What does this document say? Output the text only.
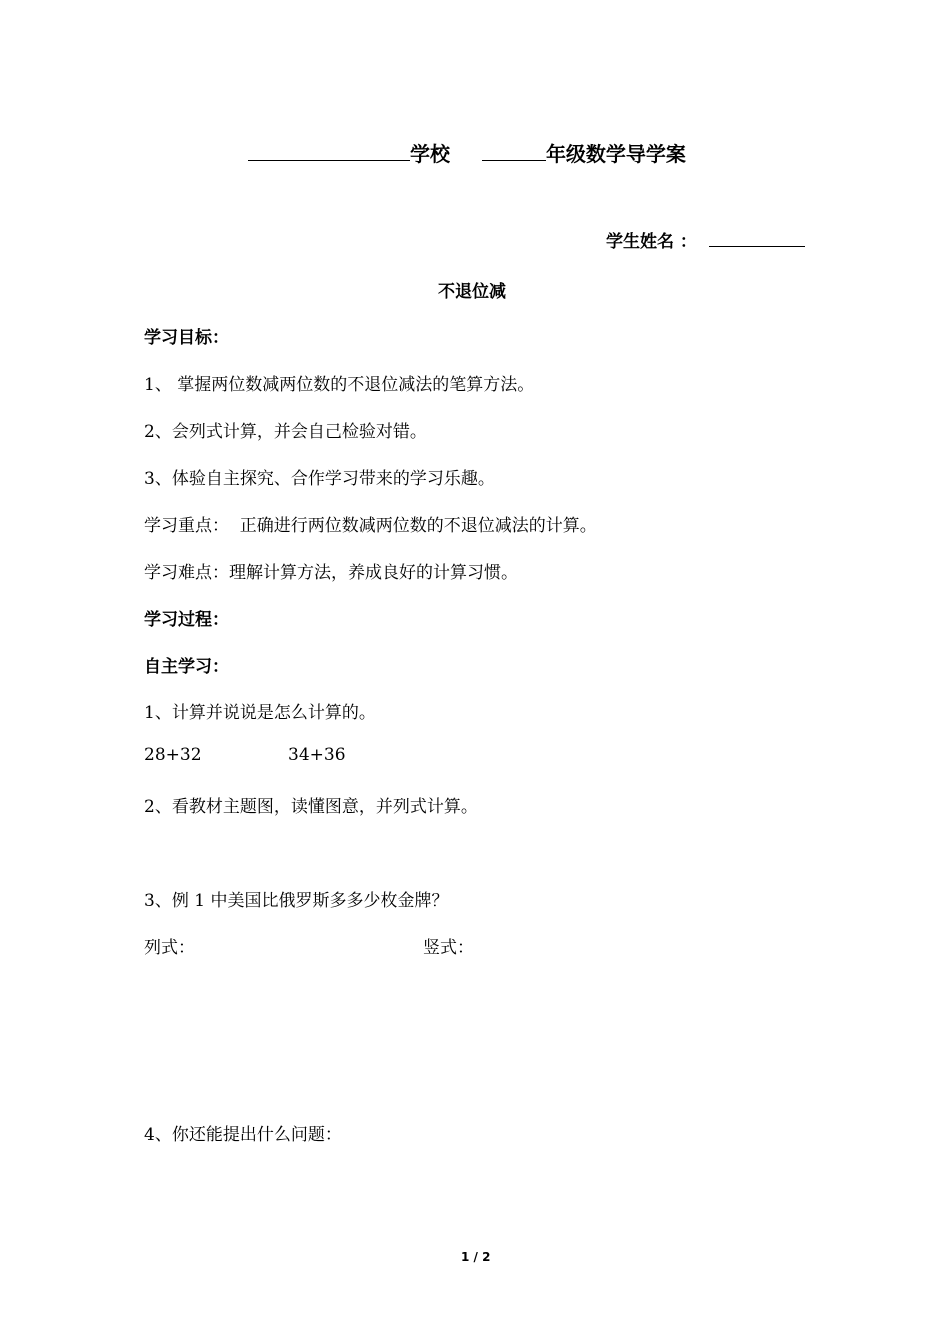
学校	年级数学导学案
学生姓名 ：
不退位减
学习目标：
1、 掌握两位数减两位数的不退位减法的笔算方法。
2、会列式计算，并会自己检验对错。
3、体验自主探究、合作学习带来的学习乐趣。
学习重点：  正确进行两位数减两位数的不退位减法的计算。
学习难点：理解计算方法，养成良好的计算习惯。
学习过程：
自主学习：
1、计算并说说是怎么计算的。
28+32	34+36
2、看教材主题图，读懂图意，并列式计算。
3、例 1 中美国比俄罗斯多多少枚金牌？
列式：	竖式：
4、你还能提出什么问题：
1 / 2
